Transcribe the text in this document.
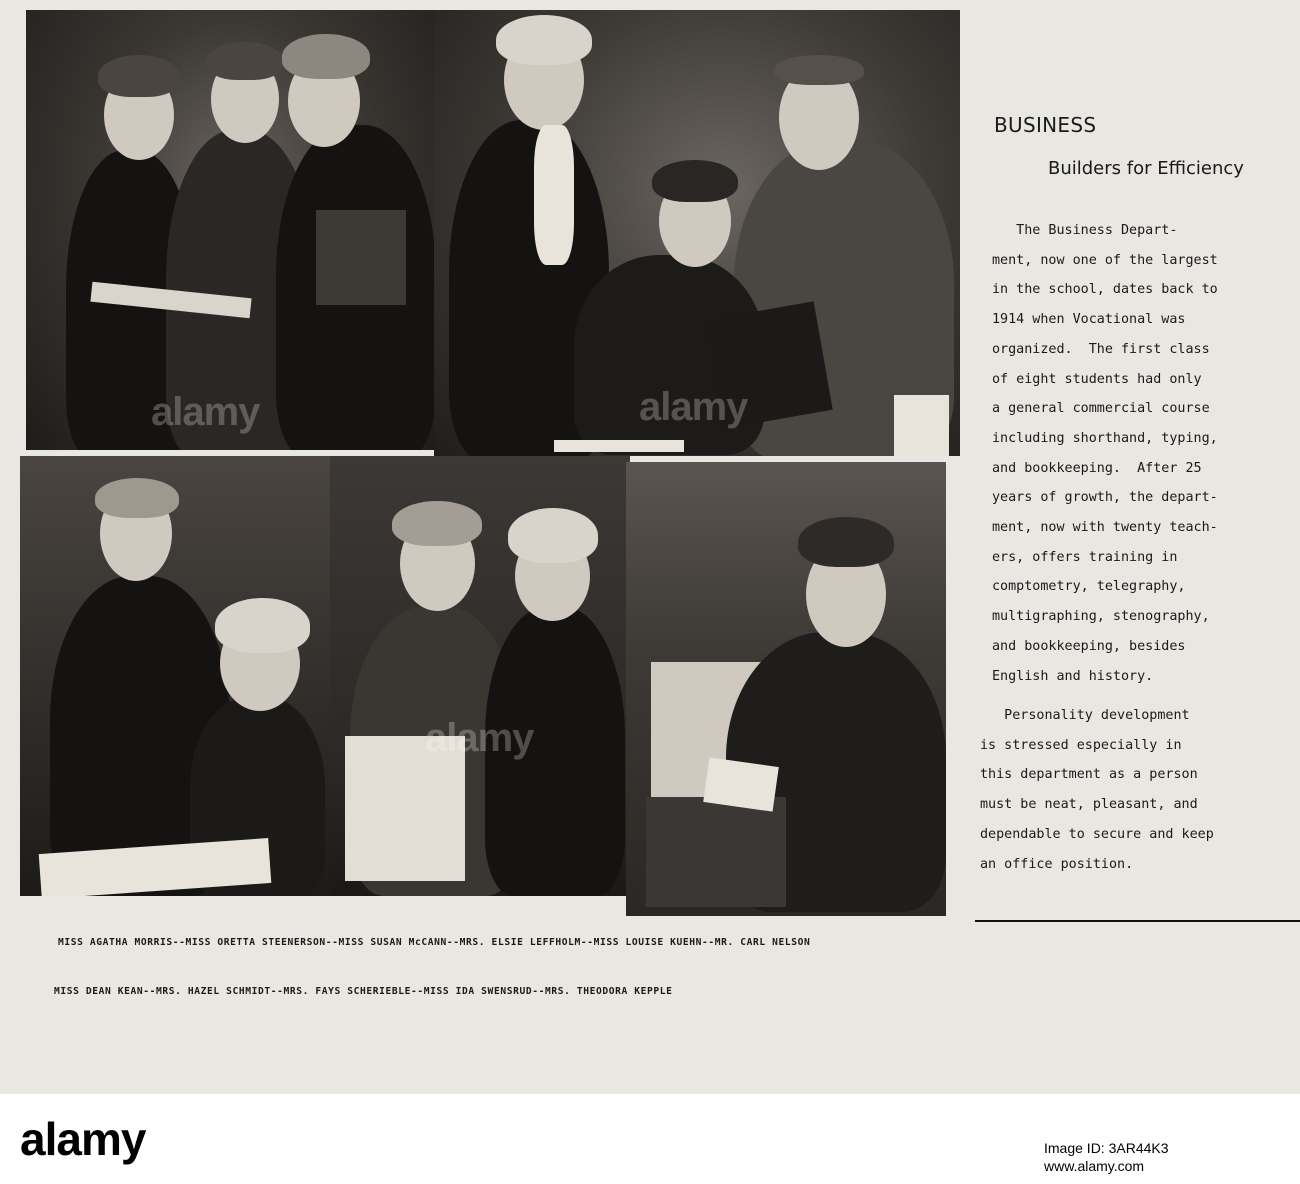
alamy	alamy
alamy
BUSINESS
Builders for Efficiency
The Business Depart-
ment, now one of the largest
in the school, dates back to
1914 when Vocational was
organized.  The first class
of eight students had only
a general commercial course
including shorthand, typing,
and bookkeeping.  After 25
years of growth, the depart-
ment, now with twenty teach-
ers, offers training in
comptometry, telegraphy,
multigraphing, stenography,
and bookkeeping, besides
English and history.
Personality development
is stressed especially in
this department as a person
must be neat, pleasant, and
dependable to secure and keep
an office position.
MISS AGATHA MORRIS--MISS ORETTA STEENERSON--MISS SUSAN McCANN--MRS. ELSIE LEFFHOLM--MISS LOUISE KUEHN--MR. CARL NELSON
MISS DEAN KEAN--MRS. HAZEL SCHMIDT--MRS. FAYS SCHERIEBLE--MISS IDA SWENSRUD--MRS. THEODORA KEPPLE
alamy	Image ID: 3AR44K3
www.alamy.com
